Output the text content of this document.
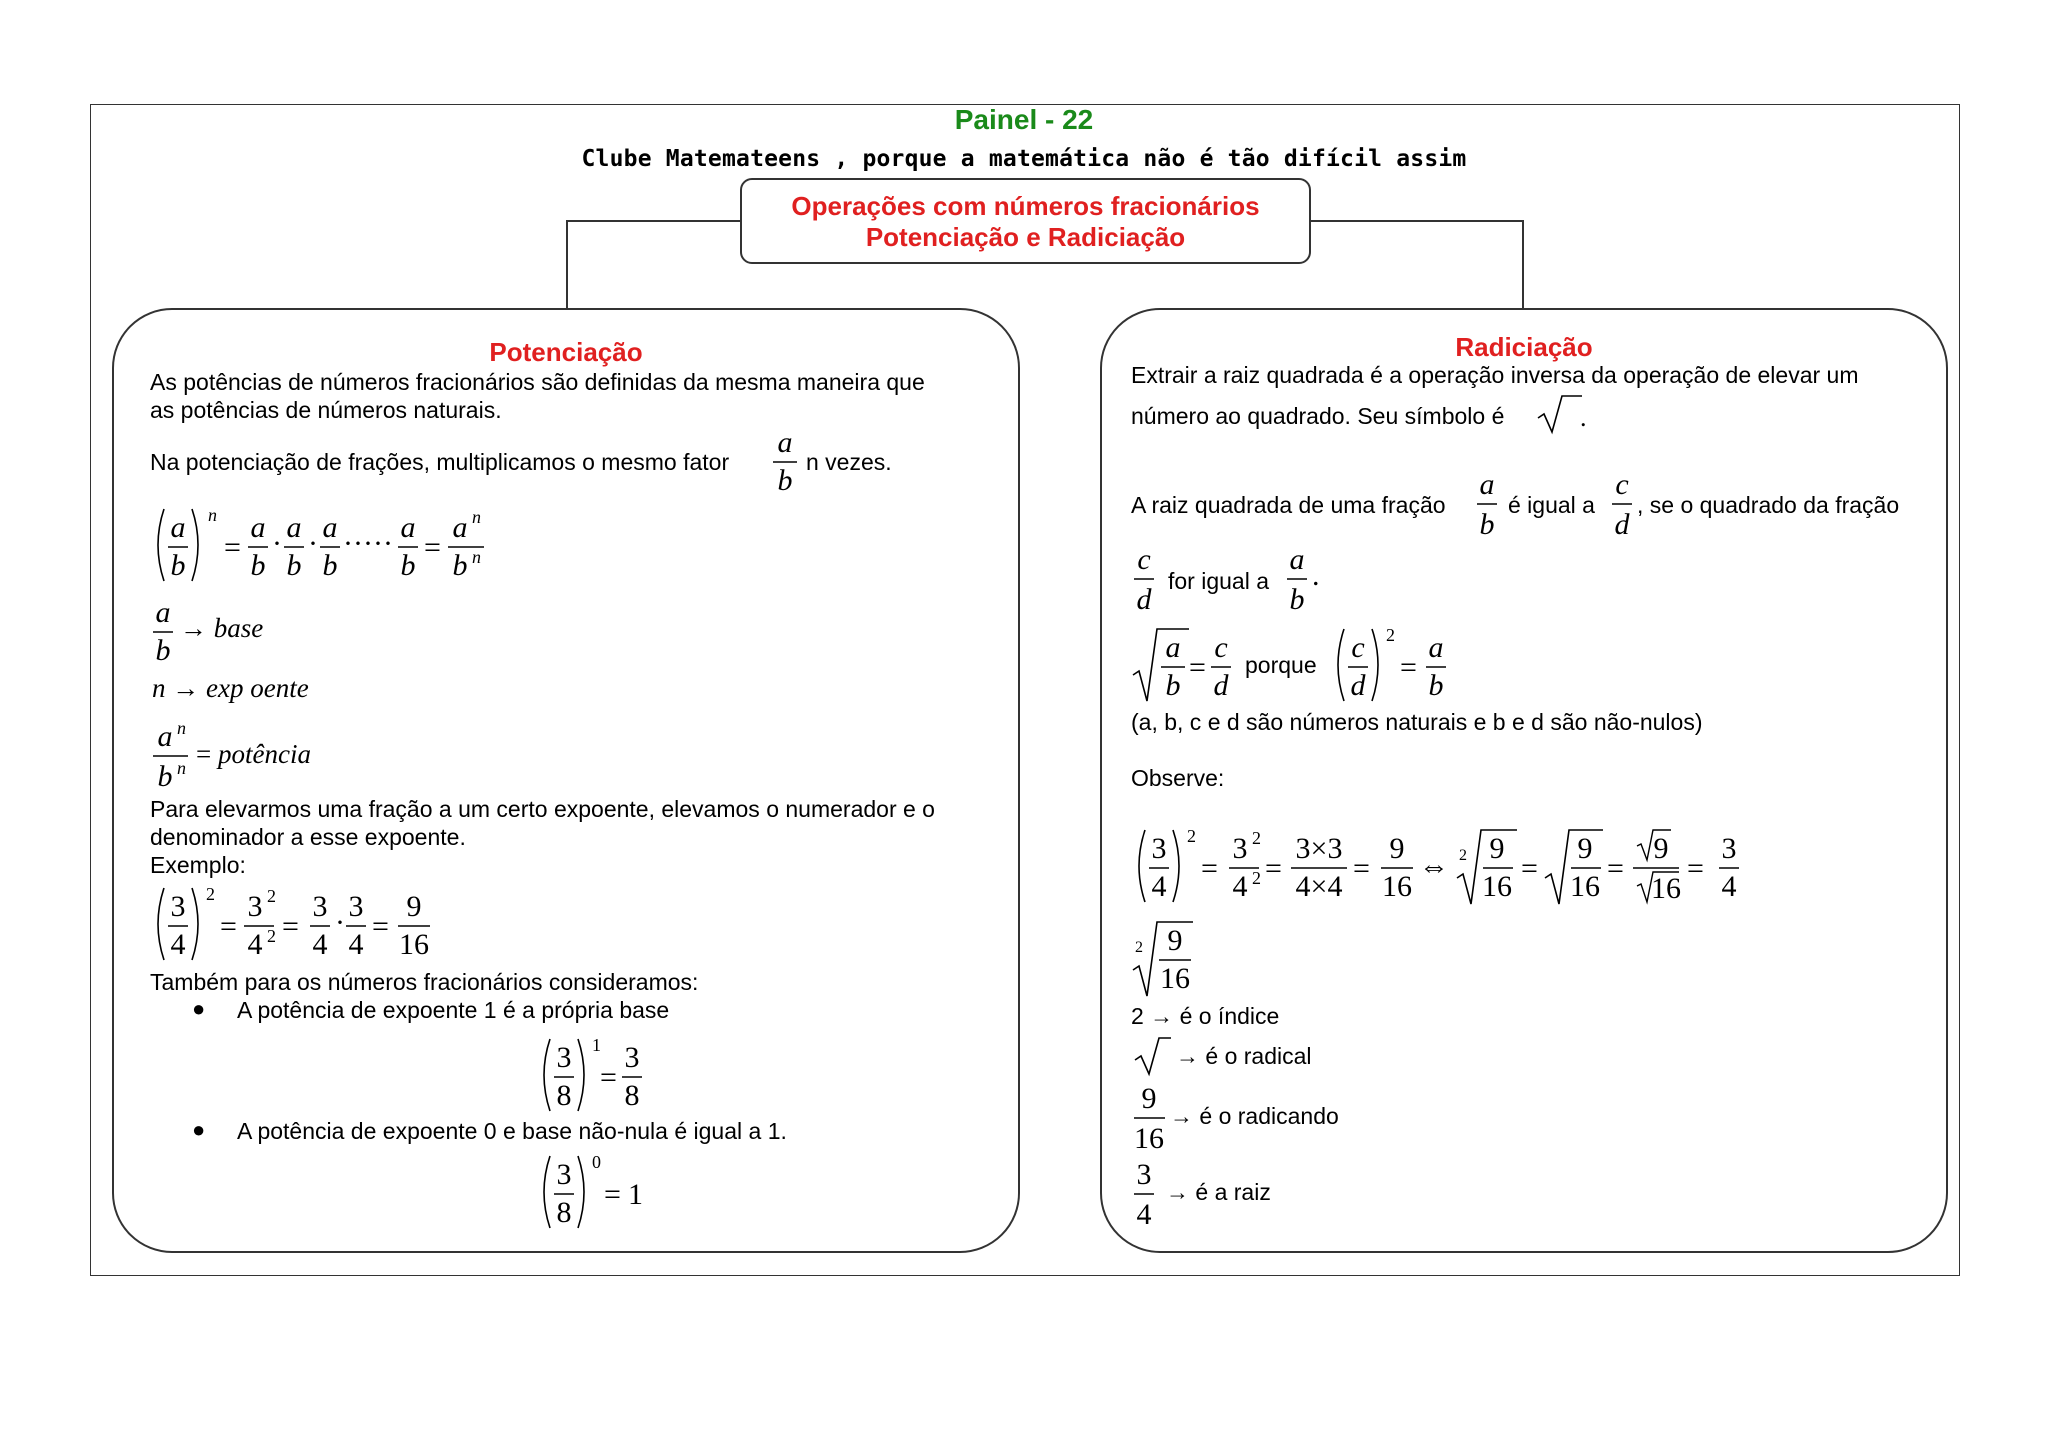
Painel - 22
Clube Matemateens , porque a matemática não é tão difícil assim
Operações com números fracionários
Potenciação e Radiciação
Potenciação
As potências de números fracionários são definidas da mesma maneira que
as potências de números naturais.
Na potenciação de frações, multiplicamos o mesmo fator
a
b
n vezes.
a
b
n
=
a
b
· a
b
· a
b
····· a
b
=
a n
b n
a
b
→ base
n → exp oente
a n
b n = potência
Para elevarmos uma fração a um certo expoente, elevamos o numerador e o
denominador a esse expoente.
Exemplo:
3
4
2
=
3 2
4 2 =
3
4
· 3
4
=
9
16
Também para os números fracionários consideramos:
● A potência de expoente 1 é a própria base
3
8
1
=
3
8
● A potência de expoente 0 e base não-nula é igual a 1.
3
8
0
= 1
Radiciação
Extrair a raiz quadrada é a operação inversa da operação de elevar um
número ao quadrado. Seu símbolo é	.
A raiz quadrada de uma fração
a
b
é igual a
c
d
, se o quadrado da fração
c
d
for igual a
a
b
.
a
b
=
c
d
porque
c
d
2
=
a
b
(a, b, c e d são números naturais e b e d são não-nulos)
Observe:
3
4
2
=
3 2
4 2 =
3×3
4×4
=
9
16
⇔ 2 9
16
=
9
16
=
9
16
=
3
4
2 9
16
2 → é o índice
→ é o radical
9
16
→ é o radicando
3
4
→ é a raiz
